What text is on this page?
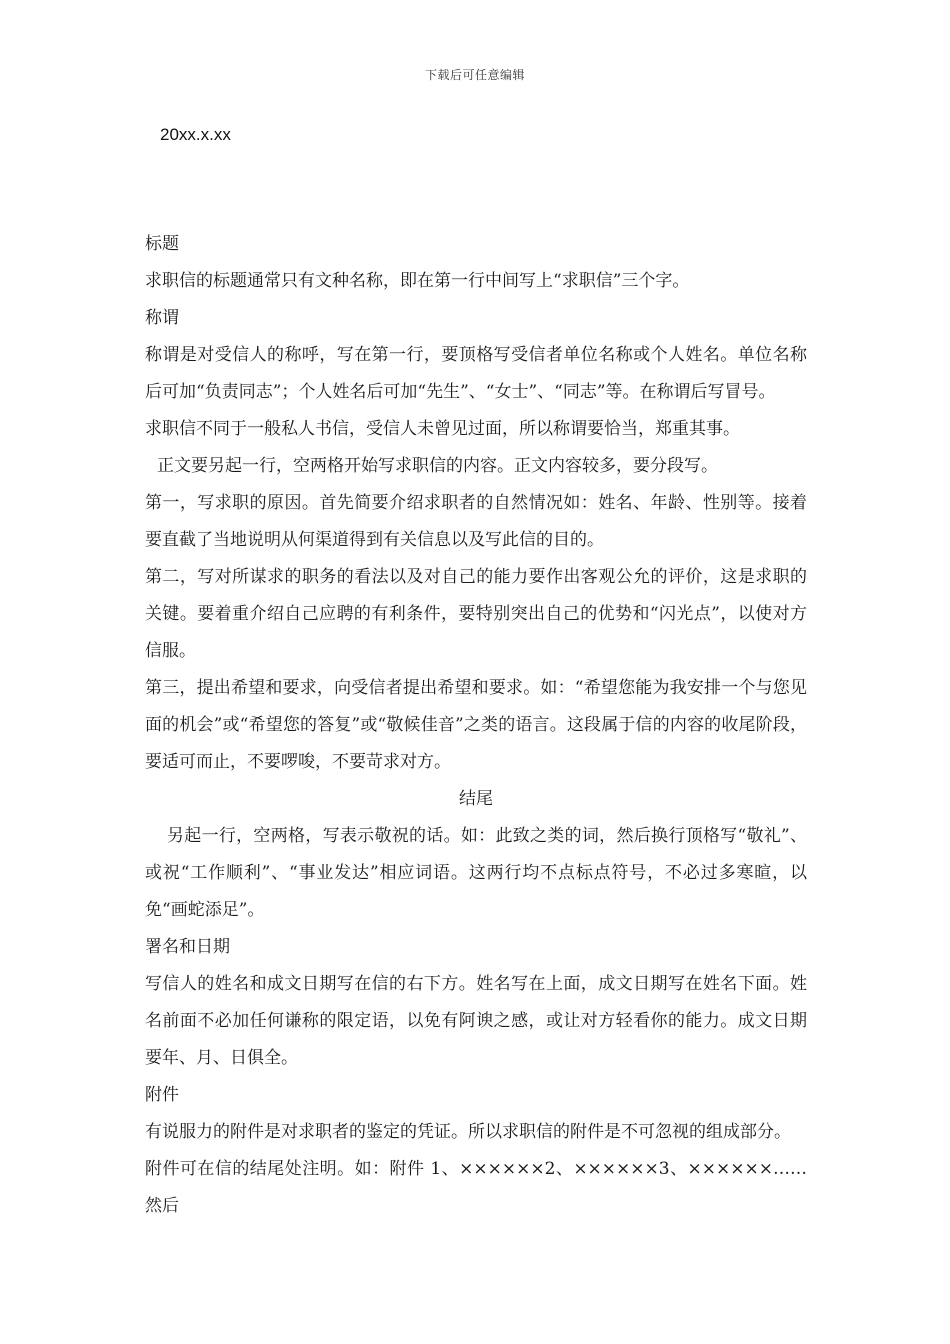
下载后可任意编辑
20xx.x.xx

标题

求职信的标题通常只有文种名称，即在第一行中间写上“求职信”三个字。

称谓

称谓是对受信人的称呼，写在第一行，要顶格写受信者单位名称或个人姓名。单位名称后可加“负责同志”；个人姓名后可加“先生”、“女士”、“同志”等。在称谓后写冒号。

求职信不同于一般私人书信，受信人未曾见过面，所以称谓要恰当，郑重其事。

正文要另起一行，空两格开始写求职信的内容。正文内容较多，要分段写。

第一，写求职的原因。首先简要介绍求职者的自然情况如：姓名、年龄、性别等。接着要直截了当地说明从何渠道得到有关信息以及写此信的目的。

第二，写对所谋求的职务的看法以及对自己的能力要作出客观公允的评价，这是求职的关键。要着重介绍自己应聘的有利条件，要特别突出自己的优势和“闪光点”，以使对方信服。

第三，提出希望和要求，向受信者提出希望和要求。如：“希望您能为我安排一个与您见面的机会”或“希望您的答复”或“敬候佳音”之类的语言。这段属于信的内容的收尾阶段，要适可而止，不要啰唆，不要苛求对方。

结尾

另起一行，空两格，写表示敬祝的话。如：此致之类的词，然后换行顶格写“敬礼”、或祝“工作顺利”、“事业发达”相应词语。这两行均不点标点符号，不必过多寒暄，以免“画蛇添足”。

署名和日期

写信人的姓名和成文日期写在信的右下方。姓名写在上面，成文日期写在姓名下面。姓名前面不必加任何谦称的限定语，以免有阿谀之感，或让对方轻看你的能力。成文日期要年、月、日俱全。

附件

有说服力的附件是对求职者的鉴定的凭证。所以求职信的附件是不可忽视的组成部分。

附件可在信的结尾处注明。如：附件 1、××××××2、××××××3、××××××……然后
